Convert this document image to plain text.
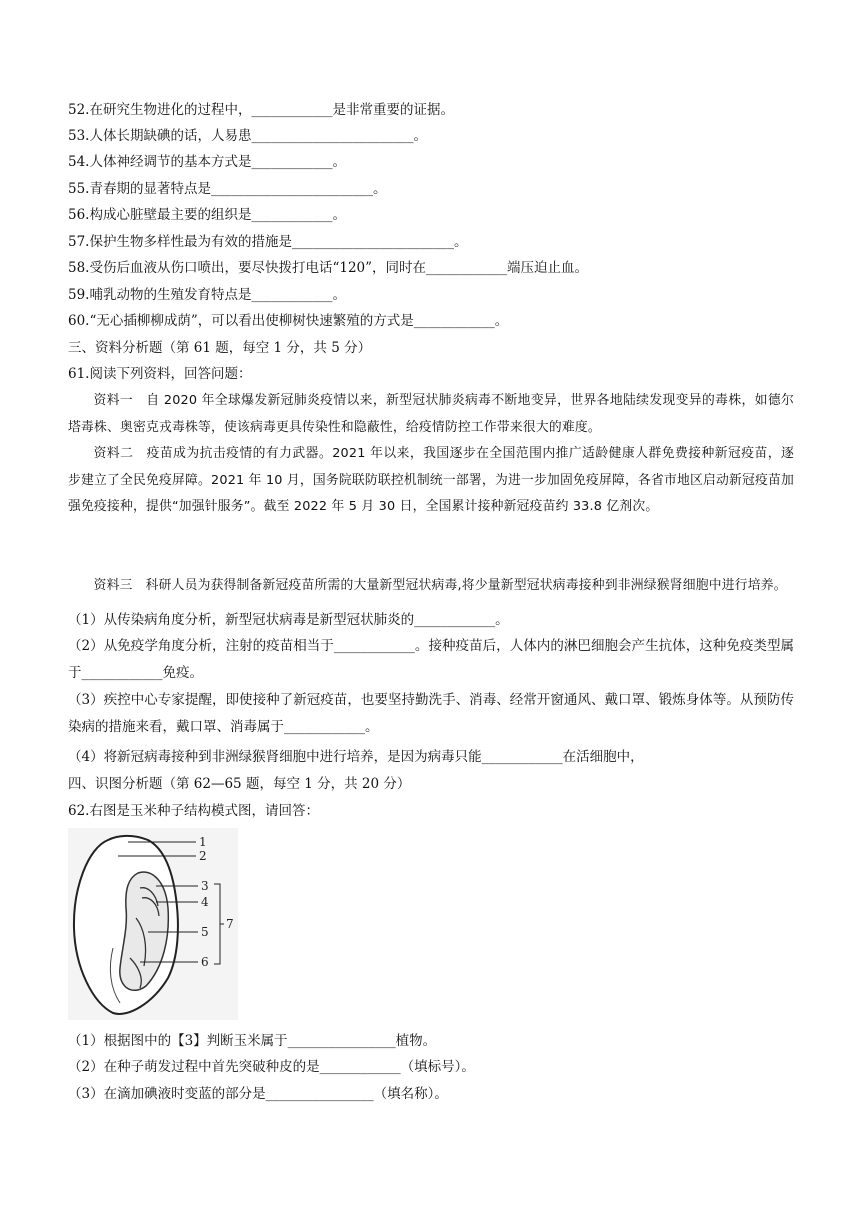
52.在研究生物进化的过程中，____________是非常重要的证据。
53.人体长期缺碘的话，人易患________________________。
54.人体神经调节的基本方式是____________。
55.青春期的显著特点是________________________。
56.构成心脏壁最主要的组织是____________。
57.保护生物多样性最为有效的措施是________________________。
58.受伤后血液从伤口喷出，要尽快拨打电话“120”，同时在____________端压迫止血。
59.哺乳动物的生殖发育特点是____________。
60.“无心插柳柳成荫”，可以看出使柳树快速繁殖的方式是____________。
三、资料分析题（第 61 题，每空 1 分，共 5 分）
61.阅读下列资料，回答问题：
资料一　自 2020 年全球爆发新冠肺炎疫情以来，新型冠状肺炎病毒不断地变异，世界各地陆续发现变异的毒株，如德尔塔毒株、奥密克戎毒株等，使该病毒更具传染性和隐蔽性，给疫情防控工作带来很大的难度。
资料二　疫苗成为抗击疫情的有力武器。2021 年以来，我国逐步在全国范围内推广适龄健康人群免费接种新冠疫苗，逐步建立了全民免疫屏障。2021 年 10 月，国务院联防联控机制统一部署，为进一步加固免疫屏障，各省市地区启动新冠疫苗加强免疫接种，提供“加强针服务”。截至 2022 年 5 月 30 日，全国累计接种新冠疫苗约 33.8 亿剂次。
资料三　科研人员为获得制备新冠疫苗所需的大量新型冠状病毒,将少量新型冠状病毒接种到非洲绿猴肾细胞中进行培养。
（1）从传染病角度分析，新型冠状病毒是新型冠状肺炎的____________。
（2）从免疫学角度分析，注射的疫苗相当于____________。接种疫苗后，人体内的淋巴细胞会产生抗体，这种免疫类型属于____________免疫。
（3）疾控中心专家提醒，即使接种了新冠疫苗，也要坚持勤洗手、消毒、经常开窗通风、戴口罩、锻炼身体等。从预防传染病的措施来看，戴口罩、消毒属于____________。
（4）将新冠病毒接种到非洲绿猴肾细胞中进行培养，是因为病毒只能____________在活细胞中，
四、识图分析题（第 62—65 题，每空 1 分，共 20 分）
62.右图是玉米种子结构模式图，请回答：
1
2
3
4
5
6
7
（1）根据图中的【3】判断玉米属于________________植物。
（2）在种子萌发过程中首先突破种皮的是____________（填标号）。
（3）在滴加碘液时变蓝的部分是________________（填名称）。
